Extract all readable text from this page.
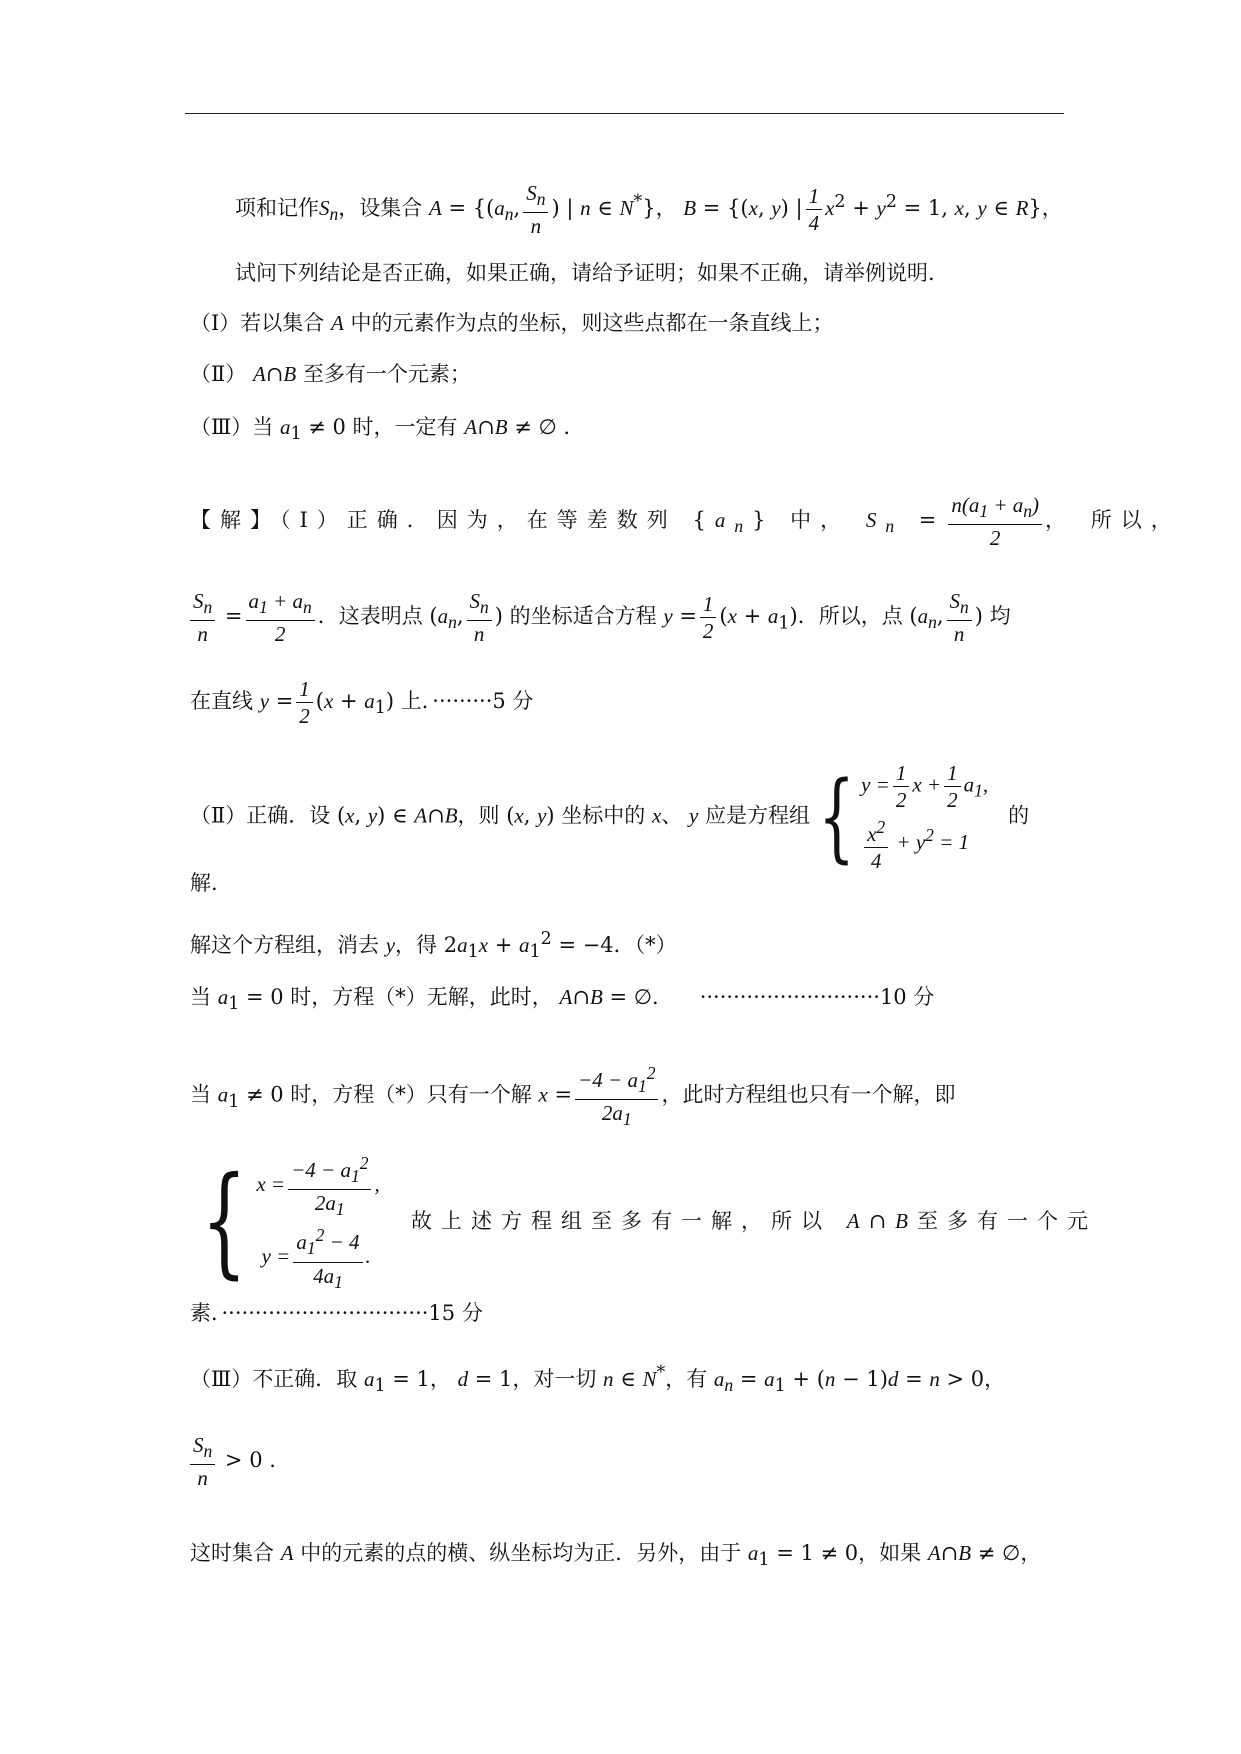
项和记作$S_n$，设集合 $A = \{(a_n$, $\frac{S_n}{n}$ ) | n ∈ N*}， B = {(x, y) | $\frac{1}{4} x^2 + y^2 = 1$, x, y ∈ R}，
试问下列结论是否正确，如果正确，请给予证明；如果不正确，请举例说明．
（Ⅰ）若以集合 A 中的元素作为点的坐标，则这些点都在一条直线上；
（Ⅱ） A∩B 至多有一个元素；
（Ⅲ）当 $a_1 \ne 0$ 时，一定有 A∩B ≠ ∅ .
【解】（Ⅰ）正确．因为，在等差数列 $\{a_n\}$ 中， $S_n = \frac{n(a_1 + a_n)}{2}$ ， 所以，
$\frac{S_n}{n} = \frac{a_1 + a_n}{2}$ ．这表明点 ($a_n$, $\frac{S_n}{n}$ ) 的坐标适合方程 $y = \frac{1}{2} (x + a_1)$．所以，点 ($a_n$, $\frac{S_n}{n}$ ) 均
在直线 $y = \frac{1}{2} (x + a_1)$ 上．·········5 分
（Ⅱ）正确．设 (x, y) ∈ A∩B，则 (x, y) 坐标中的 x、 y 应是方程组{ $y = \frac{1}{2}$ $x + \frac{1}{2} a_1$,
$\frac{x^2}{4} + y^2 = 1$
的
解.
解这个方程组，消去 y，得 $2a_1x + a_1^2 = -4$．（*）
当 $a_1 = 0$ 时，方程（*）无解，此时， A∩B = ∅．    ···························10 分
当 $a_1 \ne 0$ 时，方程（*）只有一个解 $x = \frac{-4 - a_1^2}{2a_1}$ ，此时方程组也只有一个解，即
{ $x = \frac{-4 - a_1^2}{2a_1}$ ,
$y = \frac{a_1^2 - 4}{4a_1}$ .
故上述方程组至多有一解，所以 A∩B至多有一个元
素．·······························15 分
（Ⅲ）不正确．取 $a_1 = 1$， d = 1，对一切 n ∈ N*，有 $a_n = a_1 + (n - 1)d = n > 0$，
$\frac{S_n}{n} > 0$ .
这时集合 A 中的元素的点的横、纵坐标均为正．另外，由于 $a_1 = 1 \ne 0$，如果 A∩B ≠ ∅，
